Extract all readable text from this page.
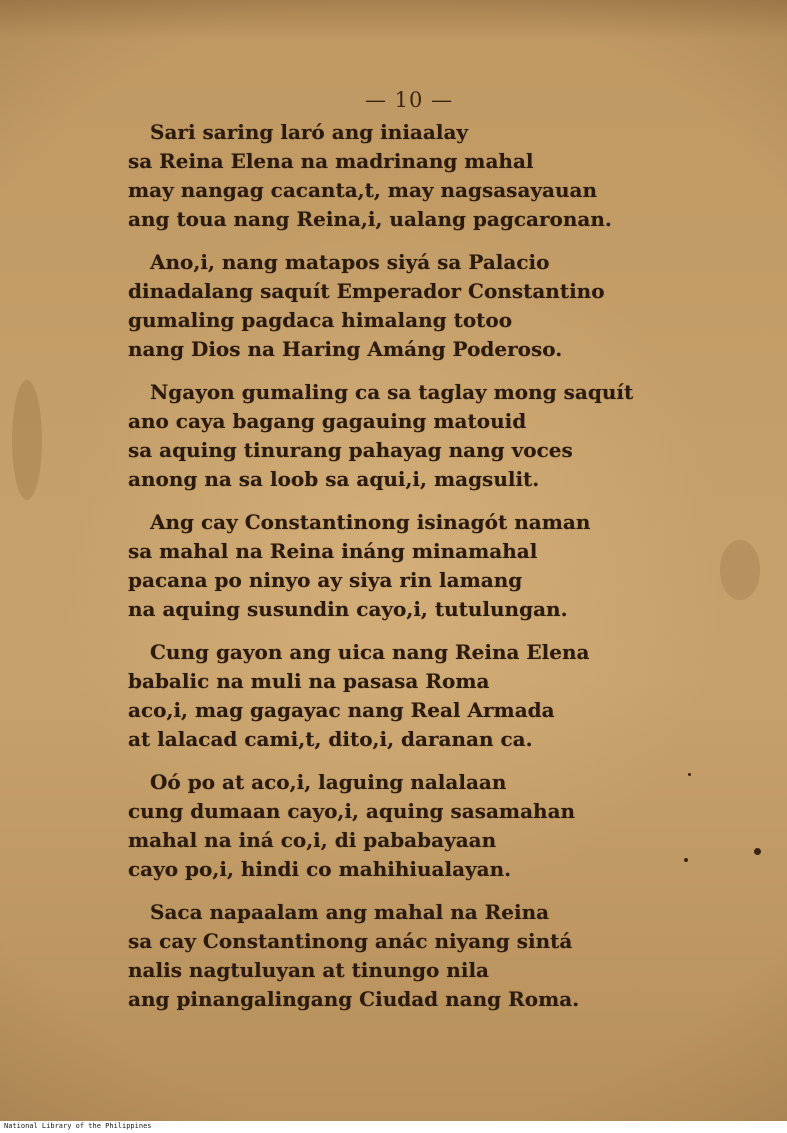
— 10 —
Sari saring laró ang iniaalay
sa Reina Elena na madrinang mahal
may nangag cacanta,t, may nagsasayauan
ang toua nang Reina,i, ualang pagcaronan.
Ano,i, nang matapos siyá sa Palacio
dinadalang saquít Emperador Constantino
gumaling pagdaca himalang totoo
nang Dios na Haring Amáng Poderoso.
Ngayon gumaling ca sa taglay mong saquít
ano caya bagang gagauing matouid
sa aquing tinurang pahayag nang voces
anong na sa loob sa aqui,i, magsulit.
Ang cay Constantinong isinagót naman
sa mahal na Reina ináng minamahal
pacana po ninyo ay siya rin lamang
na aquing susundin cayo,i, tutulungan.
Cung gayon ang uica nang Reina Elena
babalic na muli na pasasa Roma
aco,i, mag gagayac nang Real Armada
at lalacad cami,t, dito,i, daranan ca.
Oó po at aco,i, laguing nalalaan
cung dumaan cayo,i, aquing sasamahan
mahal na iná co,i, di pababayaan
cayo po,i, hindi co mahihiualayan.
Saca napaalam ang mahal na Reina
sa cay Constantinong anác niyang sintá
nalis nagtuluyan at tinungo nila
ang pinangalingang Ciudad nang Roma.
National Library of the Philippines
